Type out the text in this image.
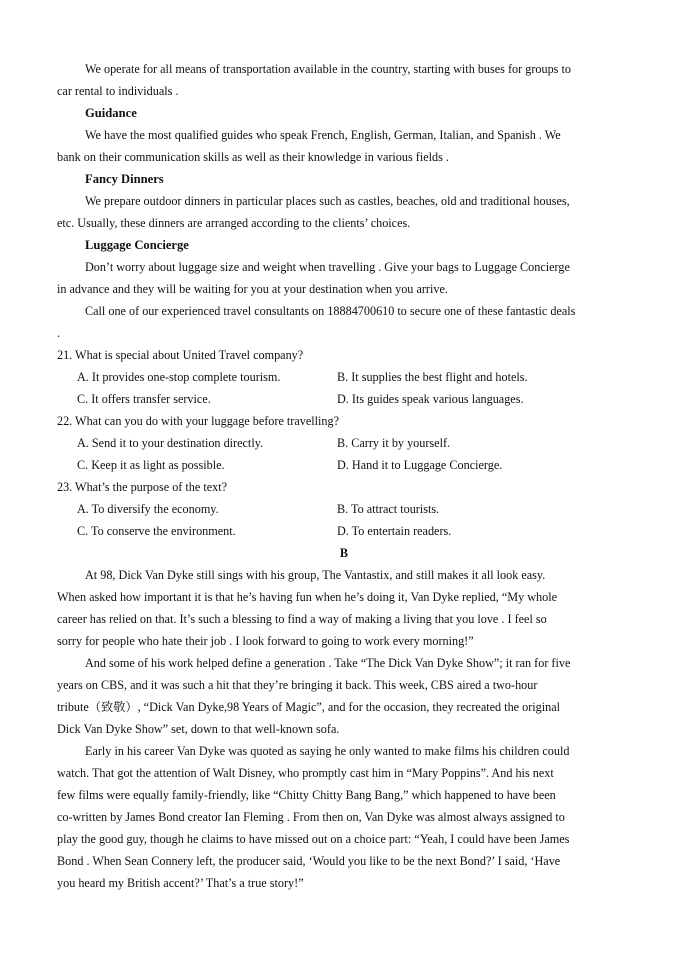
We operate for all means of transportation available in the country, starting with buses for groups to
car rental to individuals .
Guidance
We have the most qualified guides who speak French, English, German, Italian, and Spanish . We
bank on their communication skills as well as their knowledge in various fields .
Fancy Dinners
We prepare outdoor dinners in particular places such as castles, beaches, old and traditional houses,
etc. Usually, these dinners are arranged according to the clients’ choices.
Luggage Concierge
Don’t worry about luggage size and weight when travelling . Give your bags to Luggage Concierge
in advance and they will be waiting for you at your destination when you arrive.
Call one of our experienced travel consultants on 18884700610 to secure one of these fantastic deals
.
21. What is special about United Travel company?
A. It provides one-stop complete tourism.	B. It supplies the best flight and hotels.
C. It offers transfer service.	D. Its guides speak various languages.
22. What can you do with your luggage before travelling?
A. Send it to your destination directly.	B. Carry it by yourself.
C. Keep it as light as possible.	D. Hand it to Luggage Concierge.
23. What’s the purpose of the text?
A. To diversify the economy.	B. To attract tourists.
C. To conserve the environment.	D. To entertain readers.
B
At 98, Dick Van Dyke still sings with his group, The Vantastix, and still makes it all look easy.
When asked how important it is that he’s having fun when he’s doing it, Van Dyke replied, “My whole
career has relied on that. It’s such a blessing to find a way of making a living that you love . I feel so
sorry for people who hate their job . I look forward to going to work every morning!”
And some of his work helped define a generation . Take “The Dick Van Dyke Show”; it ran for five
years on CBS, and it was such a hit that they’re bringing it back. This week, CBS aired a two-hour
tribute（致敬）, “Dick Van Dyke,98 Years of Magic”, and for the occasion, they recreated the original
Dick Van Dyke Show” set, down to that well-known sofa.
Early in his career Van Dyke was quoted as saying he only wanted to make films his children could
watch. That got the attention of Walt Disney, who promptly cast him in “Mary Poppins”. And his next
few films were equally family-friendly, like “Chitty Chitty Bang Bang,” which happened to have been
co-written by James Bond creator Ian Fleming . From then on, Van Dyke was almost always assigned to
play the good guy, though he claims to have missed out on a choice part: “Yeah, I could have been James
Bond . When Sean Connery left, the producer said, ‘Would you like to be the next Bond?’ I said, ‘Have
you heard my British accent?’ That’s a true story!”
